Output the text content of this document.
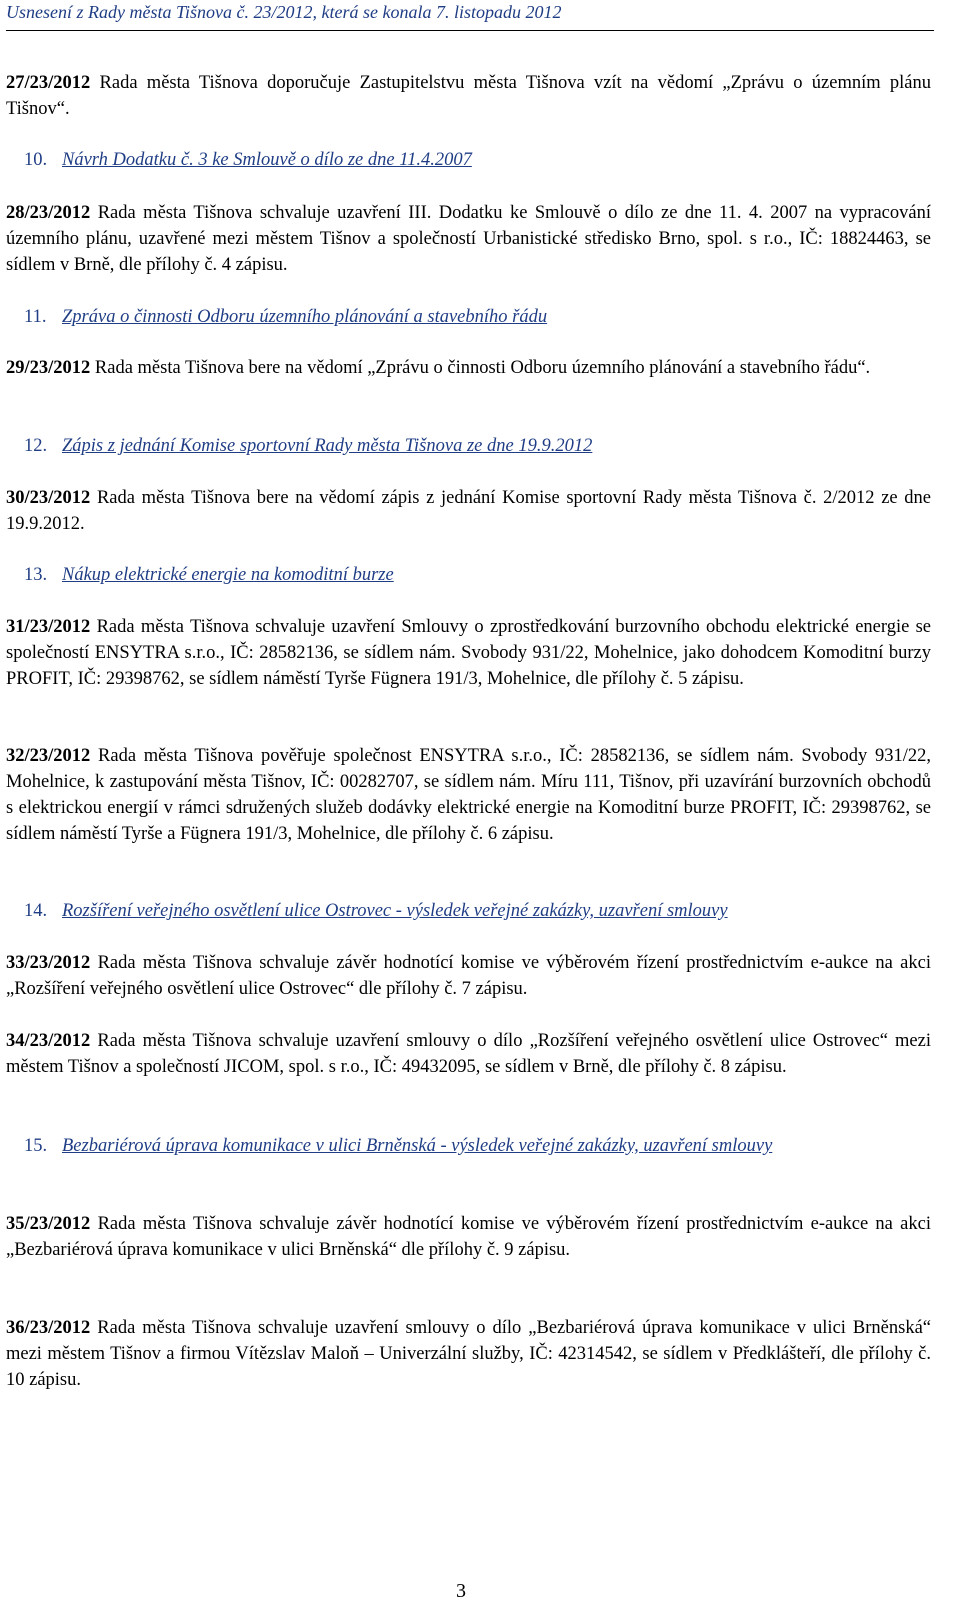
Usnesení z Rady města Tišnova č. 23/2012, která se konala 7. listopadu 2012
27/23/2012 Rada města Tišnova doporučuje Zastupitelstvu města Tišnova vzít na vědomí „Zprávu o územním plánu Tišnov“.
10. Návrh Dodatku č. 3 ke Smlouvě o dílo ze dne 11.4.2007
28/23/2012 Rada města Tišnova schvaluje uzavření III. Dodatku ke Smlouvě o dílo ze dne 11. 4. 2007 na vypracování územního plánu, uzavřené mezi městem Tišnov a společností Urbanistické středisko Brno, spol. s r.o., IČ: 18824463, se sídlem v Brně, dle přílohy č. 4 zápisu.
11. Zpráva o činnosti Odboru územního plánování a stavebního řádu
29/23/2012 Rada města Tišnova bere na vědomí „Zprávu o činnosti Odboru územního plánování a stavebního řádu“.
12. Zápis z jednání Komise sportovní Rady města Tišnova ze dne 19.9.2012
30/23/2012 Rada města Tišnova bere na vědomí zápis z jednání Komise sportovní Rady města Tišnova č. 2/2012 ze dne 19.9.2012.
13. Nákup elektrické energie na komoditní burze
31/23/2012 Rada města Tišnova schvaluje uzavření Smlouvy o zprostředkování burzovního obchodu elektrické energie se společností ENSYTRA s.r.o., IČ: 28582136, se sídlem nám. Svobody 931/22, Mohelnice, jako dohodcem Komoditní burzy PROFIT, IČ: 29398762, se sídlem náměstí Tyrše Fügnera 191/3, Mohelnice, dle přílohy č. 5 zápisu.
32/23/2012 Rada města Tišnova pověřuje společnost ENSYTRA s.r.o., IČ: 28582136, se sídlem nám. Svobody 931/22, Mohelnice, k zastupování města Tišnov, IČ: 00282707, se sídlem nám. Míru 111, Tišnov, při uzavírání burzovních obchodů s elektrickou energií v rámci sdružených služeb dodávky elektrické energie na Komoditní burze PROFIT, IČ: 29398762, se sídlem náměstí Tyrše a Fügnera 191/3, Mohelnice, dle přílohy č. 6 zápisu.
14. Rozšíření veřejného osvětlení ulice Ostrovec - výsledek veřejné zakázky, uzavření smlouvy
33/23/2012 Rada města Tišnova schvaluje závěr hodnotící komise ve výběrovém řízení prostřednictvím e-aukce na akci „Rozšíření veřejného osvětlení ulice Ostrovec“ dle přílohy č. 7 zápisu.
34/23/2012 Rada města Tišnova schvaluje uzavření smlouvy o dílo „Rozšíření veřejného osvětlení ulice Ostrovec“ mezi městem Tišnov a společností JICOM, spol. s r.o., IČ: 49432095, se sídlem v Brně, dle přílohy č. 8 zápisu.
15. Bezbariérová úprava komunikace v ulici Brněnská - výsledek veřejné zakázky, uzavření smlouvy
35/23/2012 Rada města Tišnova schvaluje závěr hodnotící komise ve výběrovém řízení prostřednictvím e-aukce na akci „Bezbariérová úprava komunikace v ulici Brněnská“ dle přílohy č. 9 zápisu.
36/23/2012 Rada města Tišnova schvaluje uzavření smlouvy o dílo „Bezbariérová úprava komunikace v ulici Brněnská“ mezi městem Tišnov a firmou Vítězslav Maloň – Univerzální služby, IČ: 42314542, se sídlem v Předklášteří, dle přílohy č. 10 zápisu.
3
